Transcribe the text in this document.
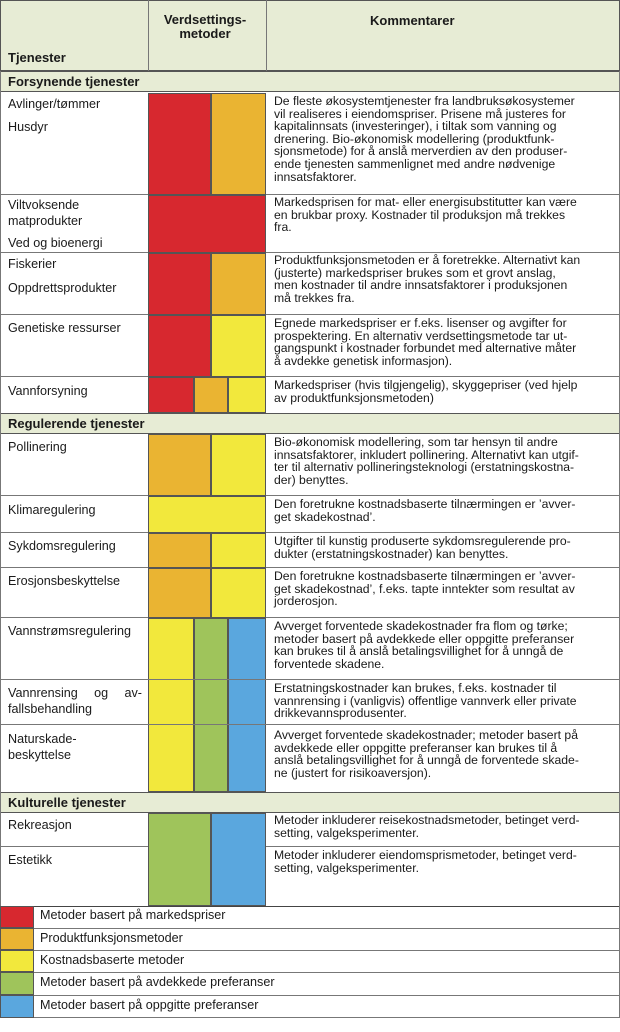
Verdsettings-
metoder
Kommentarer
Tjenester
Forsynende tjenester
Avlinger/tømmer
Husdyr
Viltvoksende
matprodukter
Ved og bioenergi
Fiskerier
Oppdrettsprodukter
Genetiske ressurser
Vannforsyning
De fleste økosystemtjenester fra landbruksøkosystemer
vil realiseres i eiendomspriser. Prisene må justeres for
kapitalinnsats (investeringer), i tiltak som vanning og
drenering. Bio-økonomisk modellering (produktfunk-
sjonsmetode) for å anslå merverdien av den produser-
ende tjenesten sammenlignet med andre nødvenige
innsatsfaktorer.
Markedsprisen for mat- eller energisubstitutter kan være
en brukbar proxy. Kostnader til produksjon må trekkes
fra.
Produktfunksjonsmetoden er å foretrekke. Alternativt kan
(justerte) markedspriser brukes som et grovt anslag,
men kostnader til andre innsatsfaktorer i produksjonen
må trekkes fra.
Egnede markedspriser er f.eks. lisenser og avgifter for
prospektering. En alternativ verdsettingsmetode tar ut-
gangspunkt i kostnader forbundet med alternative måter
å avdekke genetisk informasjon).
Markedspriser (hvis tilgjengelig), skyggepriser (ved hjelp
av produktfunksjonsmetoden)
Regulerende tjenester
Pollinering
Klimaregulering
Sykdomsregulering
Erosjonsbeskyttelse
Vannstrømsregulering
Vannrensing og av-
fallsbehandling
Naturskade-
beskyttelse
Bio-økonomisk modellering, som tar hensyn til andre
innsatsfaktorer, inkludert pollinering. Alternativt kan utgif-
ter til alternativ pollineringsteknologi (erstatningskostna-
der) benyttes.
Den foretrukne kostnadsbaserte tilnærmingen er ’avver-
get skadekostnad’.
Utgifter til kunstig produserte sykdomsregulerende pro-
dukter (erstatningskostnader) kan benyttes.
Den foretrukne kostnadsbaserte tilnærmingen er ’avver-
get skadekostnad’, f.eks. tapte inntekter som resultat av
jorderosjon.
Avverget forventede skadekostnader fra flom og tørke;
metoder basert på avdekkede eller oppgitte preferanser
kan brukes til å anslå betalingsvillighet for å unngå de
forventede skadene.
Erstatningskostnader kan brukes, f.eks. kostnader til
vannrensing i (vanligvis) offentlige vannverk eller private
drikkevannsprodusenter.
Avverget forventede skadekostnader; metoder basert på
avdekkede eller oppgitte preferanser kan brukes til å
anslå betalingsvillighet for å unngå de forventede skade-
ne (justert for risikoaversjon).
Kulturelle tjenester
Rekreasjon
Estetikk
Metoder inkluderer reisekostnadsmetoder, betinget verd-
setting, valgeksperimenter.
Metoder inkluderer eiendomsprismetoder, betinget verd-
setting, valgeksperimenter.
Metoder basert på markedspriser
Produktfunksjonsmetoder
Kostnadsbaserte metoder
Metoder basert på avdekkede preferanser
Metoder basert på oppgitte preferanser
